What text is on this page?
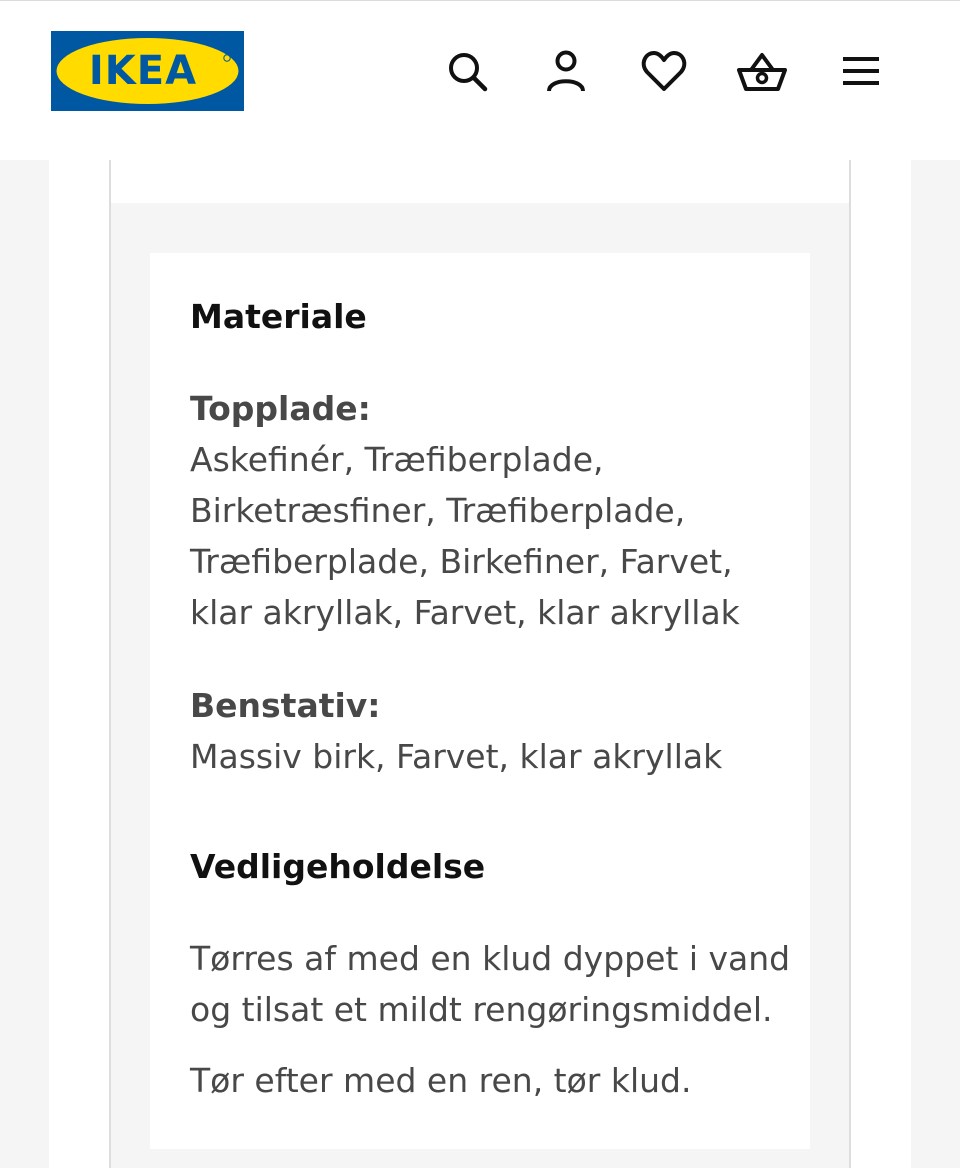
IKEA
Materiale
Topplade:
Askefinér, Træfiberplade,
Birketræsfiner, Træfiberplade,
Træfiberplade, Birkefiner, Farvet,
klar akryllak, Farvet, klar akryllak
Benstativ:
Massiv birk, Farvet, klar akryllak
Vedligeholdelse
Tørres af med en klud dyppet i vand
og tilsat et mildt rengøringsmiddel.
Tør efter med en ren, tør klud.
